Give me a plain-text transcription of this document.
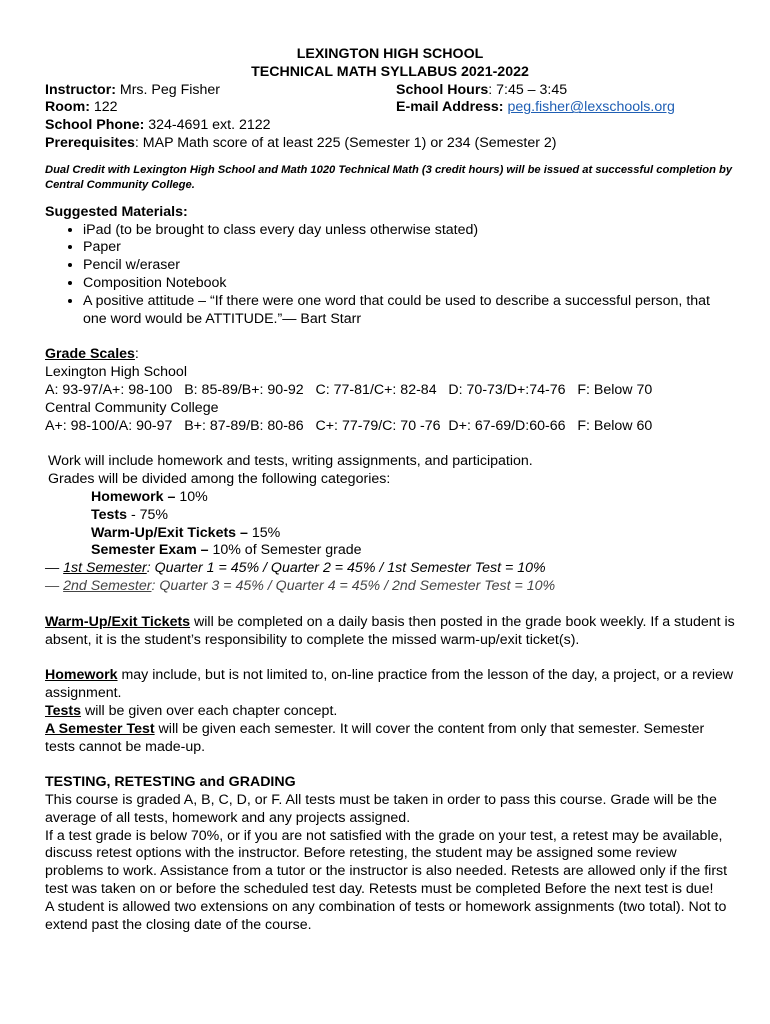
LEXINGTON HIGH SCHOOL
TECHNICAL MATH SYLLABUS 2021-2022
Instructor: Mrs. Peg Fisher	School Hours: 7:45 – 3:45
Room: 122	E-mail Address: peg.fisher@lexschools.org
School Phone: 324-4691 ext. 2122
Prerequisites: MAP Math score of at least 225 (Semester 1) or 234 (Semester 2)
Dual Credit with Lexington High School and Math 1020 Technical Math (3 credit hours) will be issued at successful completion by Central Community College.
Suggested Materials:
• iPad (to be brought to class every day unless otherwise stated)
• Paper
• Pencil w/eraser
• Composition Notebook
• A positive attitude – “If there were one word that could be used to describe a successful person, that one word would be ATTITUDE.”— Bart Starr
Grade Scales:
Lexington High School
A: 93-97/A+: 98-100   B: 85-89/B+: 90-92   C: 77-81/C+: 82-84   D: 70-73/D+:74-76   F: Below 70
Central Community College
A+: 98-100/A: 90-97   B+: 87-89/B: 80-86   C+: 77-79/C: 70 -76  D+: 67-69/D:60-66   F: Below 60
Work will include homework and tests, writing assignments, and participation.
Grades will be divided among the following categories:
Homework – 10%
Tests - 75%
Warm-Up/Exit Tickets – 15%
Semester Exam – 10% of Semester grade
— 1st Semester: Quarter 1 = 45% / Quarter 2 = 45% / 1st Semester Test = 10%
— 2nd Semester: Quarter 3 = 45% / Quarter 4 = 45% / 2nd Semester Test = 10%

Warm-Up/Exit Tickets will be completed on a daily basis then posted in the grade book weekly. If a student is absent, it is the student’s responsibility to complete the missed warm-up/exit ticket(s).

Homework may include, but is not limited to, on-line practice from the lesson of the day, a project, or a review assignment.

Tests will be given over each chapter concept.

A Semester Test will be given each semester. It will cover the content from only that semester. Semester tests cannot be made-up.

TESTING, RETESTING and GRADING

This course is graded A, B, C, D, or F. All tests must be taken in order to pass this course. Grade will be the average of all tests, homework and any projects assigned.

If a test grade is below 70%, or if you are not satisfied with the grade on your test, a retest may be available, discuss retest options with the instructor. Before retesting, the student may be assigned some review problems to work. Assistance from a tutor or the instructor is also needed. Retests are allowed only if the first test was taken on or before the scheduled test day. Retests must be completed Before the next test is due!

A student is allowed two extensions on any combination of tests or homework assignments (two total). Not to extend past the closing date of the course.
